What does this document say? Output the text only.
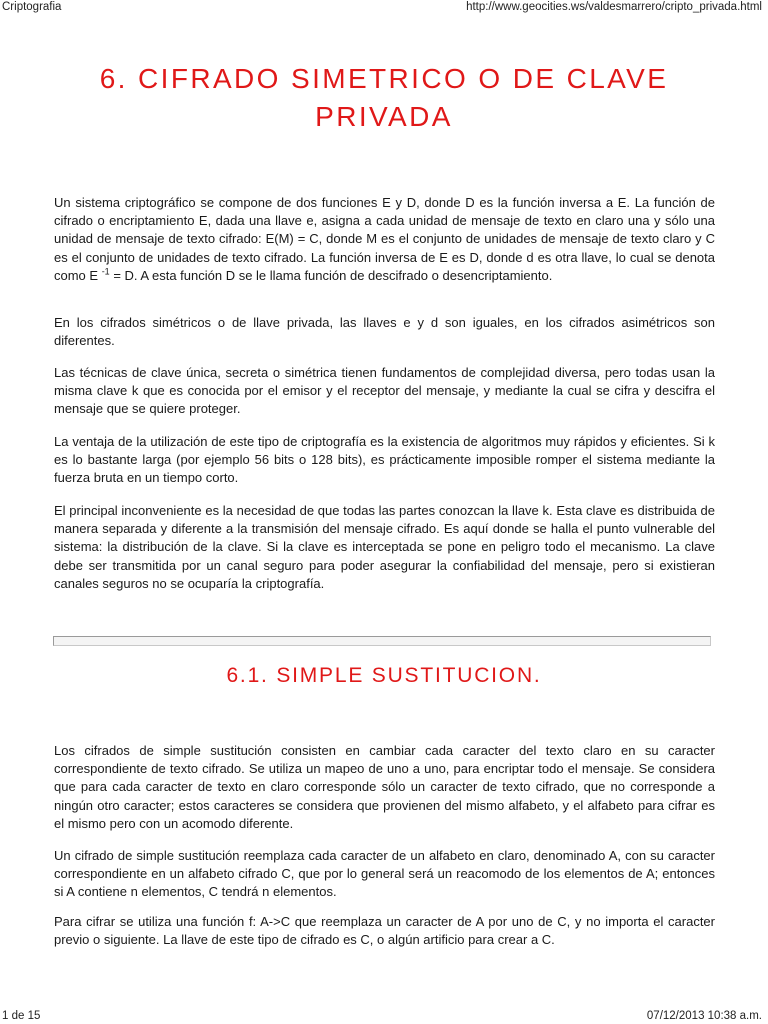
Criptografia	http://www.geocities.ws/valdesmarrero/cripto_privada.html
6. CIFRADO SIMETRICO O DE CLAVE PRIVADA

Un sistema criptográfico se compone de dos funciones E y D, donde D es la función inversa a E. La función de cifrado o encriptamiento E, dada una llave e, asigna a cada unidad de mensaje de texto en claro una y sólo una unidad de mensaje de texto cifrado: E(M) = C, donde M es el conjunto de unidades de mensaje de texto claro y C es el conjunto de unidades de texto cifrado. La función inversa de E es D, donde d es otra llave, lo cual se denota como E $^{-1}$ = D. A esta función D se le llama función de descifrado o desencriptamiento.

En los cifrados simétricos o de llave privada, las llaves e y d son iguales, en los cifrados asimétricos son diferentes.

Las técnicas de clave única, secreta o simétrica tienen fundamentos de complejidad diversa, pero todas usan la misma clave k que es conocida por el emisor y el receptor del mensaje, y mediante la cual se cifra y descifra el mensaje que se quiere proteger.

La ventaja de la utilización de este tipo de criptografía es la existencia de algoritmos muy rápidos y eficientes. Si k es lo bastante larga (por ejemplo 56 bits o 128 bits), es prácticamente imposible romper el sistema mediante la fuerza bruta en un tiempo corto.

El principal inconveniente es la necesidad de que todas las partes conozcan la llave k. Esta clave es distribuida de manera separada y diferente a la transmisión del mensaje cifrado. Es aquí donde se halla el punto vulnerable del sistema: la distribución de la clave. Si la clave es interceptada se pone en peligro todo el mecanismo. La clave debe ser transmitida por un canal seguro para poder asegurar la confiabilidad del mensaje, pero si existieran canales seguros no se ocuparía la criptografía.

6.1. SIMPLE SUSTITUCION.

Los cifrados de simple sustitución consisten en cambiar cada caracter del texto claro en su caracter correspondiente de texto cifrado. Se utiliza un mapeo de uno a uno, para encriptar todo el mensaje. Se considera que para cada caracter de texto en claro corresponde sólo un caracter de texto cifrado, que no corresponde a ningún otro caracter; estos caracteres se considera que provienen del mismo alfabeto, y el alfabeto para cifrar es el mismo pero con un acomodo diferente.

Un cifrado de simple sustitución reemplaza cada caracter de un alfabeto en claro, denominado A, con su caracter correspondiente en un alfabeto cifrado C, que por lo general será un reacomodo de los elementos de A; entonces si A contiene n elementos, C tendrá n elementos.

Para cifrar se utiliza una función f: A->C que reemplaza un caracter de A por uno de C, y no importa el caracter previo o siguiente. La llave de este tipo de cifrado es C, o algún artificio para crear a C.

1 de 15	07/12/2013 10:38 a.m.
